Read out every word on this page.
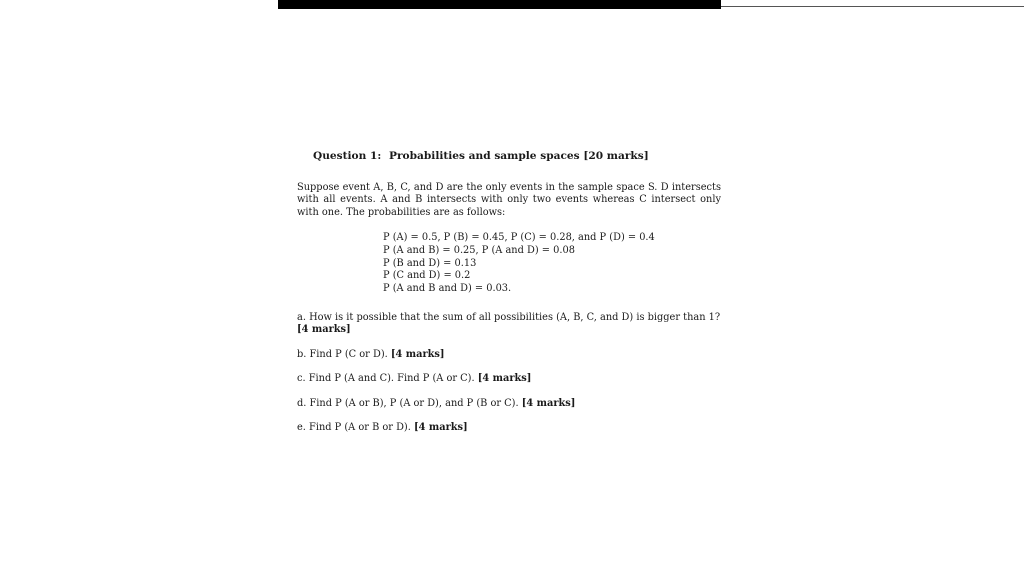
Question 1: Probabilities and sample spaces [20 marks]
Suppose event A, B, C, and D are the only events in the sample space S. D intersects with all events. A and B intersects with only two events whereas C intersect only with one. The probabilities are as follows:
P (A) = 0.5, P (B) = 0.45, P (C) = 0.28, and P (D) = 0.4
P (A and B) = 0.25, P (A and D) = 0.08
P (B and D) = 0.13
P (C and D) = 0.2
P (A and B and D) = 0.03.
a. How is it possible that the sum of all possibilities (A, B, C, and D) is bigger than 1? [4 marks]
b. Find P (C or D). [4 marks]
c. Find P (A and C). Find P (A or C). [4 marks]
d. Find P (A or B), P (A or D), and P (B or C). [4 marks]
e. Find P (A or B or D). [4 marks]
